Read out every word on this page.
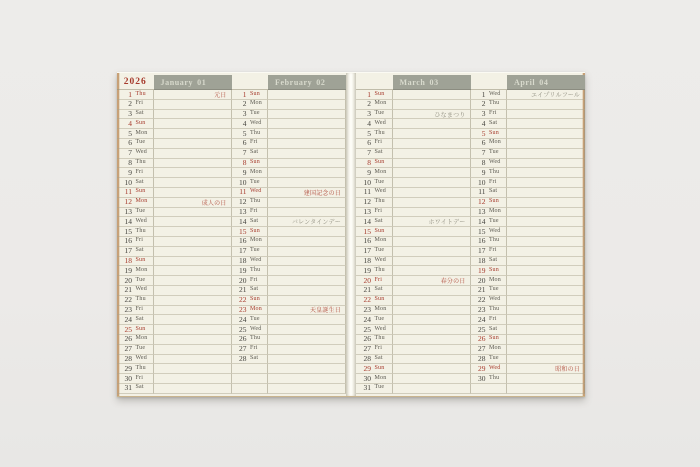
2026 January 01
1 Thu	元日
2 Fri
3 Sat
4 Sun
5 Mon
6 Tue
7 Wed
8 Thu
9 Fri
10 Sat
11 Sun
12 Mon	成人の日
13 Tue
14 Wed
15 Thu
16 Fri
17 Sat
18 Sun
19 Mon
20 Tue
21 Wed
22 Thu
23 Fri
24 Sat
25 Sun
26 Mon
27 Tue
28 Wed
29 Thu
30 Fri
31 Sat
February 02
1 Sun
2 Mon
3 Tue
4 Wed
5 Thu
6 Fri
7 Sat
8 Sun
9 Mon
10 Tue
11 Wed	建国記念の日
12 Thu
13 Fri
14 Sat	バレンタインデー
15 Sun
16 Mon
17 Tue
18 Wed
19 Thu
20 Fri
21 Sat
22 Sun
23 Mon	天皇誕生日
24 Tue
25 Wed
26 Thu
27 Fri
28 Sat
March 03
1 Sun
2 Mon
3 Tue	ひなまつり
4 Wed
5 Thu
6 Fri
7 Sat
8 Sun
9 Mon
10 Tue
11 Wed
12 Thu
13 Fri
14 Sat	ホワイトデー
15 Sun
16 Mon
17 Tue
18 Wed
19 Thu
20 Fri	春分の日
21 Sat
22 Sun
23 Mon
24 Tue
25 Wed
26 Thu
27 Fri
28 Sat
29 Sun
30 Mon
31 Tue
April 04
1 Wed	エイプリルフール
2 Thu
3 Fri
4 Sat
5 Sun
6 Mon
7 Tue
8 Wed
9 Thu
10 Fri
11 Sat
12 Sun
13 Mon
14 Tue
15 Wed
16 Thu
17 Fri
18 Sat
19 Sun
20 Mon
21 Tue
22 Wed
23 Thu
24 Fri
25 Sat
26 Sun
27 Mon
28 Tue
29 Wed	昭和の日
30 Thu
